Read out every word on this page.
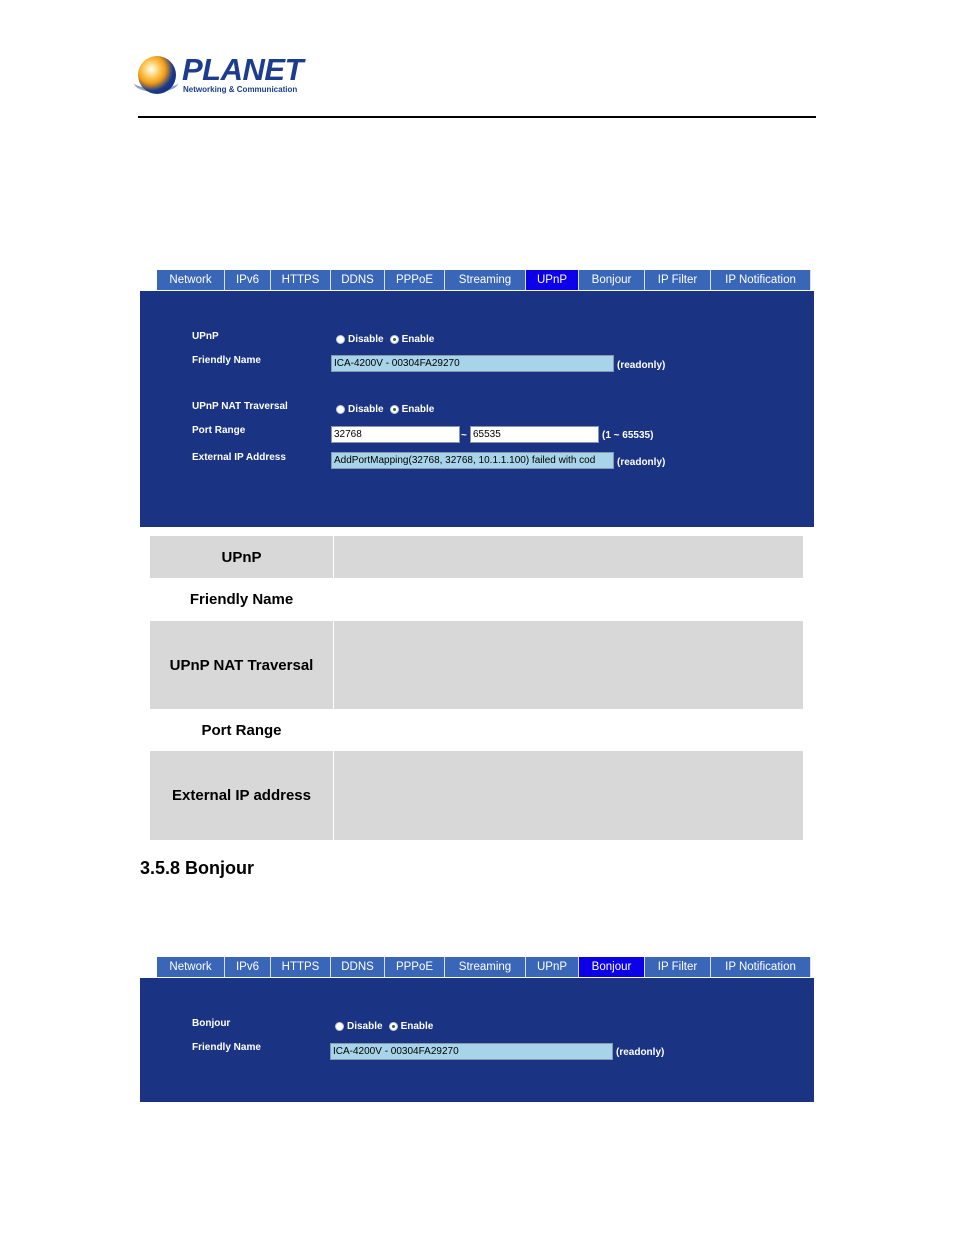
PLANET
Networking & Communication
Network	IPv6	HTTPS	DDNS	PPPoE	Streaming	UPnP	Bonjour	IP Filter	IP Notification
UPnP	Disable Enable
Friendly Name	ICA-4200V - 00304FA29270	(readonly)
UPnP NAT Traversal	Disable Enable
Port Range	32768	~ 65535	(1 ~ 65535)
External IP Address	AddPortMapping(32768, 32768, 10.1.1.100) failed with cod	(readonly)
UPnP
Friendly Name
UPnP NAT Traversal
Port Range
External IP address
3.5.8 Bonjour
Network	IPv6	HTTPS	DDNS	PPPoE	Streaming	UPnP	Bonjour	IP Filter	IP Notification
Bonjour	Disable Enable
Friendly Name	ICA-4200V - 00304FA29270	(readonly)
